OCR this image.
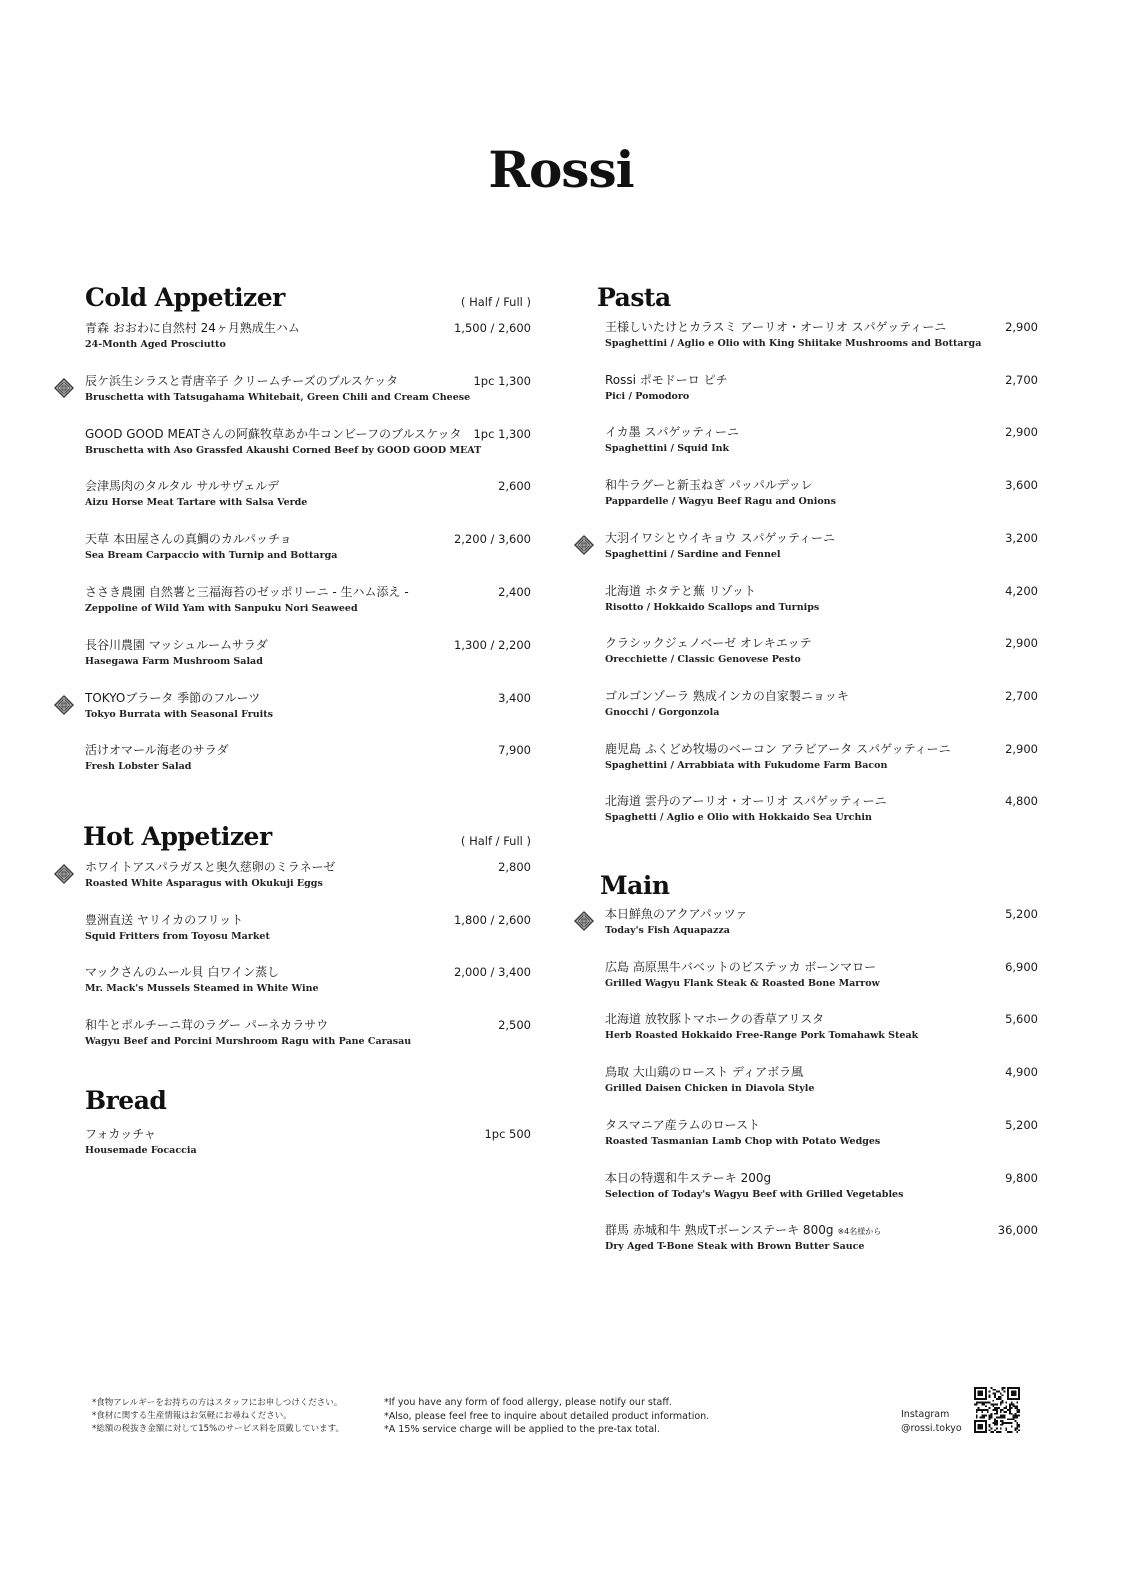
Rossi
Cold Appetizer	( Half / Full )
青森 おおわに自然村 24ヶ月熟成生ハム
24-Month Aged Prosciutto
1,500 / 2,600
辰ケ浜生シラスと青唐辛子 クリームチーズのブルスケッタ
Bruschetta with Tatsugahama Whitebait, Green Chili and Cream Cheese
1pc 1,300
GOOD GOOD MEATさんの阿蘇牧草あか牛コンビーフのブルスケッタ
Bruschetta with Aso Grassfed Akaushi Corned Beef by GOOD GOOD MEAT
1pc 1,300
会津馬肉のタルタル サルサヴェルデ
Aizu Horse Meat Tartare with Salsa Verde
2,600
天草 本田屋さんの真鯛のカルパッチョ
Sea Bream Carpaccio with Turnip and Bottarga
2,200 / 3,600
ささき農園 自然薯と三福海苔のゼッポリーニ - 生ハム添え -
Zeppoline of Wild Yam with Sanpuku Nori Seaweed
2,400
長谷川農園 マッシュルームサラダ
Hasegawa Farm Mushroom Salad
1,300 / 2,200
TOKYOブラータ 季節のフルーツ
Tokyo Burrata with Seasonal Fruits
3,400
活けオマール海老のサラダ
Fresh Lobster Salad
7,900
Hot Appetizer	( Half / Full )
ホワイトアスパラガスと奥久慈卵のミラネーゼ
Roasted White Asparagus with Okukuji Eggs
2,800
豊洲直送 ヤリイカのフリット
Squid Fritters from Toyosu Market
1,800 / 2,600
マックさんのムール貝 白ワイン蒸し
Mr. Mack's Mussels Steamed in White Wine
2,000 / 3,400
和牛とポルチーニ茸のラグー パーネカラサウ
Wagyu Beef and Porcini Murshroom Ragu with Pane Carasau
2,500
Bread
フォカッチャ
Housemade Focaccia
1pc 500
Pasta
王様しいたけとカラスミ アーリオ・オーリオ スパゲッティーニ
Spaghettini / Aglio e Olio with King Shiitake Mushrooms and Bottarga
2,900
Rossi ポモドーロ ピチ
Pici / Pomodoro
2,700
イカ墨 スパゲッティーニ
Spaghettini / Squid Ink
2,900
和牛ラグーと新玉ねぎ パッパルデッレ
Pappardelle / Wagyu Beef Ragu and Onions
3,600
大羽イワシとウイキョウ スパゲッティーニ
Spaghettini / Sardine and Fennel
3,200
北海道 ホタテと蕪 リゾット
Risotto / Hokkaido Scallops and Turnips
4,200
クラシックジェノベーゼ オレキエッテ
Orecchiette / Classic Genovese Pesto
2,900
ゴルゴンゾーラ 熟成インカの自家製ニョッキ
Gnocchi / Gorgonzola
2,700
鹿児島 ふくどめ牧場のベーコン アラビアータ スパゲッティーニ
Spaghettini / Arrabbiata with Fukudome Farm Bacon
2,900
北海道 雲丹のアーリオ・オーリオ スパゲッティーニ
Spaghetti / Aglio e Olio with Hokkaido Sea Urchin
4,800
Main
本日鮮魚のアクアパッツァ
Today's Fish Aquapazza
5,200
広島 高原黒牛バベットのビステッカ ボーンマロー
Grilled Wagyu Flank Steak & Roasted Bone Marrow
6,900
北海道 放牧豚トマホークの香草アリスタ
Herb Roasted Hokkaido Free-Range Pork Tomahawk Steak
5,600
鳥取 大山鶏のロースト ディアボラ風
Grilled Daisen Chicken in Diavola Style
4,900
タスマニア産ラムのロースト
Roasted Tasmanian Lamb Chop with Potato Wedges
5,200
本日の特選和牛ステーキ 200g
Selection of Today's Wagyu Beef with Grilled Vegetables
9,800
群馬 赤城和牛 熟成Tボーンステーキ 800g ※4名様から
Dry Aged T-Bone Steak with Brown Butter Sauce
36,000
*食物アレルギーをお持ちの方はスタッフにお申しつけください。
*食材に関する生産情報はお気軽にお尋ねください。
*総額の税抜き金額に対して15%のサービス料を頂戴しています。
*If you have any form of food allergy, please notify our staff.
*Also, please feel free to inquire about detailed product information.
*A 15% service charge will be applied to the pre-tax total.
Instagram
@rossi.tokyo
